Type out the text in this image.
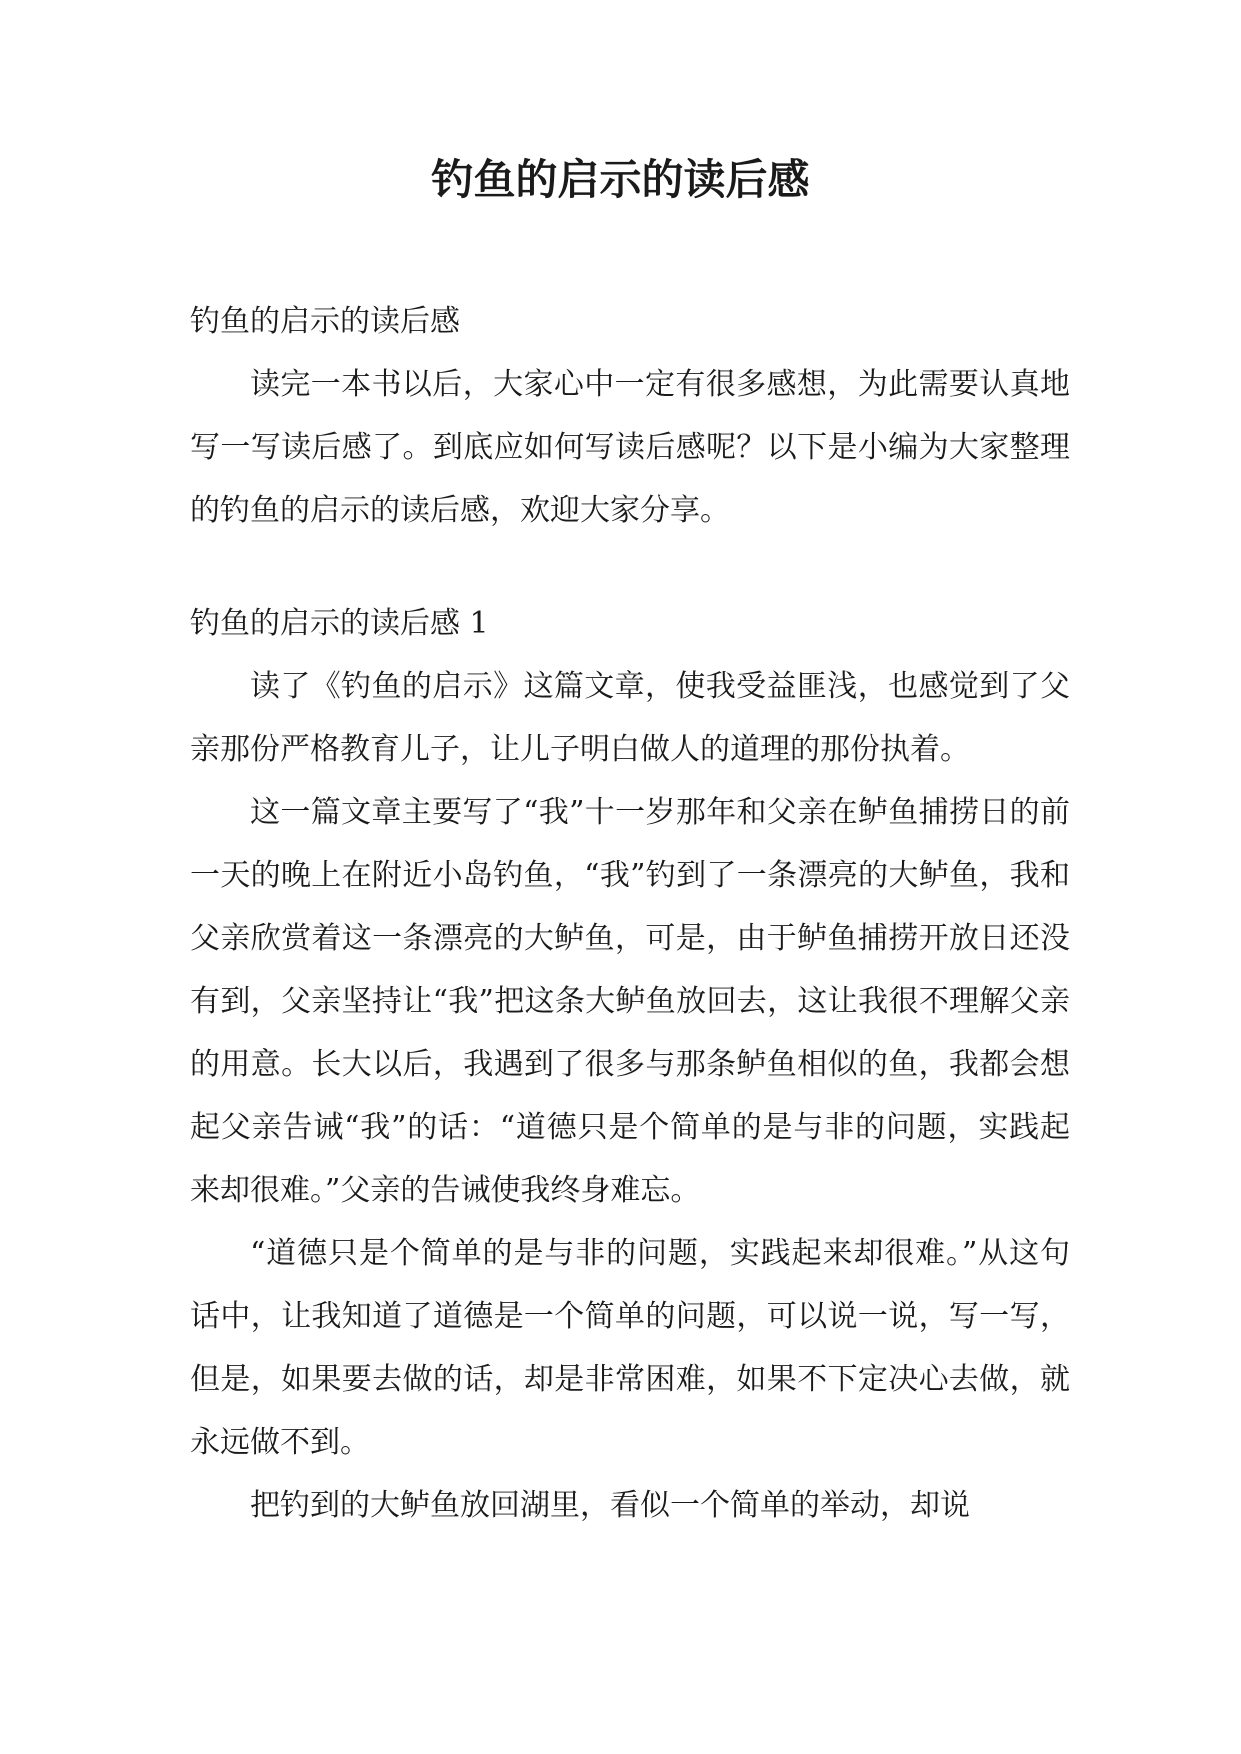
钓鱼的启示的读后感

钓鱼的启示的读后感

读完一本书以后，大家心中一定有很多感想，为此需要认真地写一写读后感了。到底应如何写读后感呢？以下是小编为大家整理的钓鱼的启示的读后感，欢迎大家分享。

钓鱼的启示的读后感 1

读了《钓鱼的启示》这篇文章，使我受益匪浅，也感觉到了父亲那份严格教育儿子，让儿子明白做人的道理的那份执着。

这一篇文章主要写了“我”十一岁那年和父亲在鲈鱼捕捞日的前一天的晚上在附近小岛钓鱼，“我”钓到了一条漂亮的大鲈鱼，我和父亲欣赏着这一条漂亮的大鲈鱼，可是，由于鲈鱼捕捞开放日还没有到，父亲坚持让“我”把这条大鲈鱼放回去，这让我很不理解父亲的用意。长大以后，我遇到了很多与那条鲈鱼相似的鱼，我都会想起父亲告诫“我”的话：“道德只是个简单的是与非的问题，实践起来却很难。”父亲的告诫使我终身难忘。

“道德只是个简单的是与非的问题，实践起来却很难。”从这句话中，让我知道了道德是一个简单的问题，可以说一说，写一写，但是，如果要去做的话，却是非常困难，如果不下定决心去做，就永远做不到。

把钓到的大鲈鱼放回湖里，看似一个简单的举动，却说
